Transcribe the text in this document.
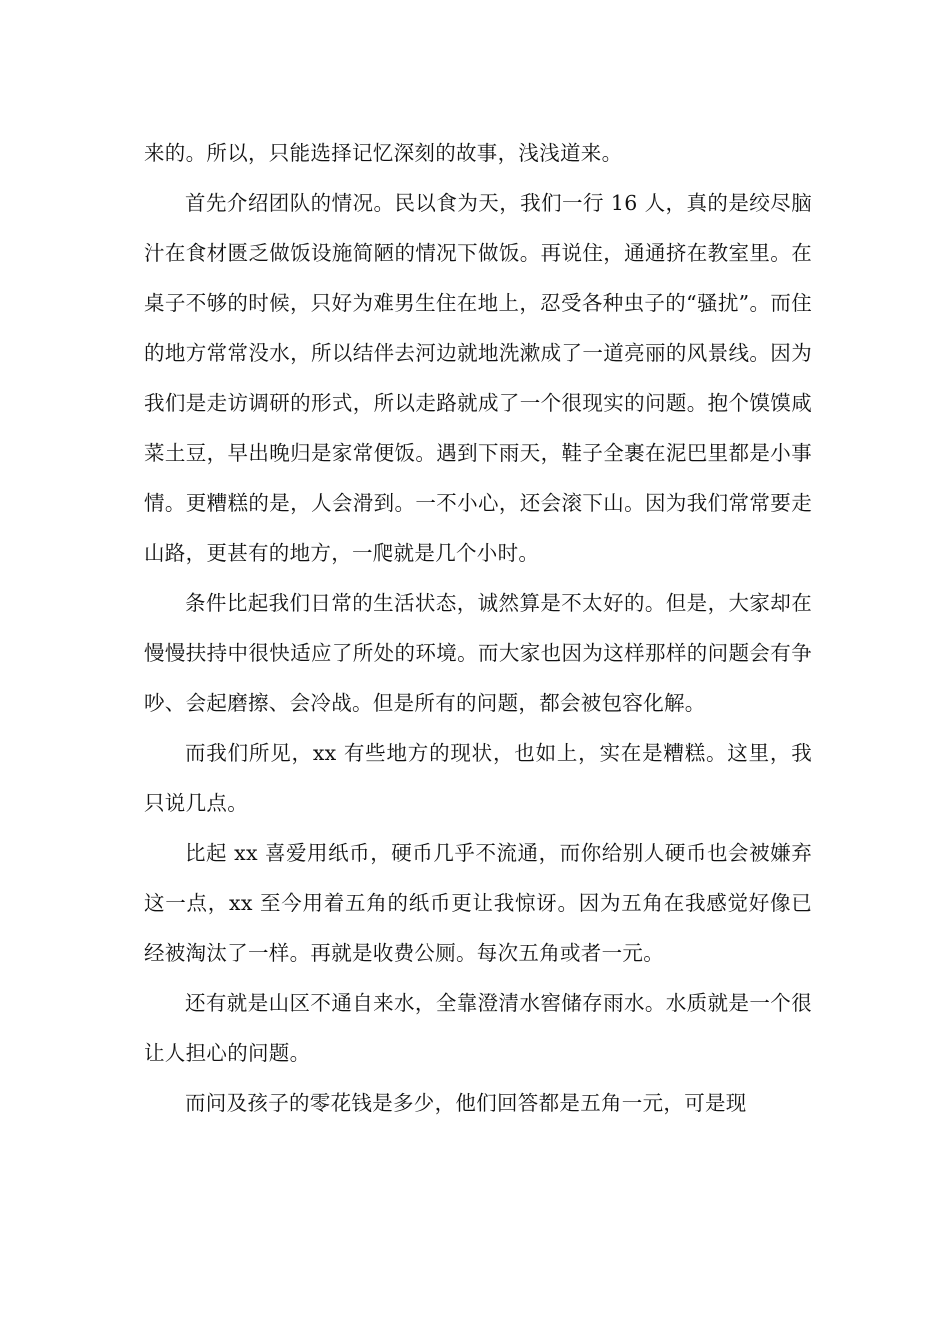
来的。所以，只能选择记忆深刻的故事，浅浅道来。

首先介绍团队的情况。民以食为天，我们一行 16 人，真的是绞尽脑汁在食材匮乏做饭设施简陋的情况下做饭。再说住，通通挤在教室里。在桌子不够的时候，只好为难男生住在地上，忍受各种虫子的“骚扰”。而住的地方常常没水，所以结伴去河边就地洗漱成了一道亮丽的风景线。因为我们是走访调研的形式，所以走路就成了一个很现实的问题。抱个馍馍咸菜土豆，早出晚归是家常便饭。遇到下雨天，鞋子全裹在泥巴里都是小事情。更糟糕的是，人会滑到。一不小心，还会滚下山。因为我们常常要走山路，更甚有的地方，一爬就是几个小时。

条件比起我们日常的生活状态，诚然算是不太好的。但是，大家却在慢慢扶持中很快适应了所处的环境。而大家也因为这样那样的问题会有争吵、会起磨擦、会冷战。但是所有的问题，都会被包容化解。

而我们所见，xx 有些地方的现状，也如上，实在是糟糕。这里，我只说几点。

比起 xx 喜爱用纸币，硬币几乎不流通，而你给别人硬币也会被嫌弃这一点，xx 至今用着五角的纸币更让我惊讶。因为五角在我感觉好像已经被淘汰了一样。再就是收费公厕。每次五角或者一元。

还有就是山区不通自来水，全靠澄清水窖储存雨水。水质就是一个很让人担心的问题。

而问及孩子的零花钱是多少，他们回答都是五角一元，可是现
